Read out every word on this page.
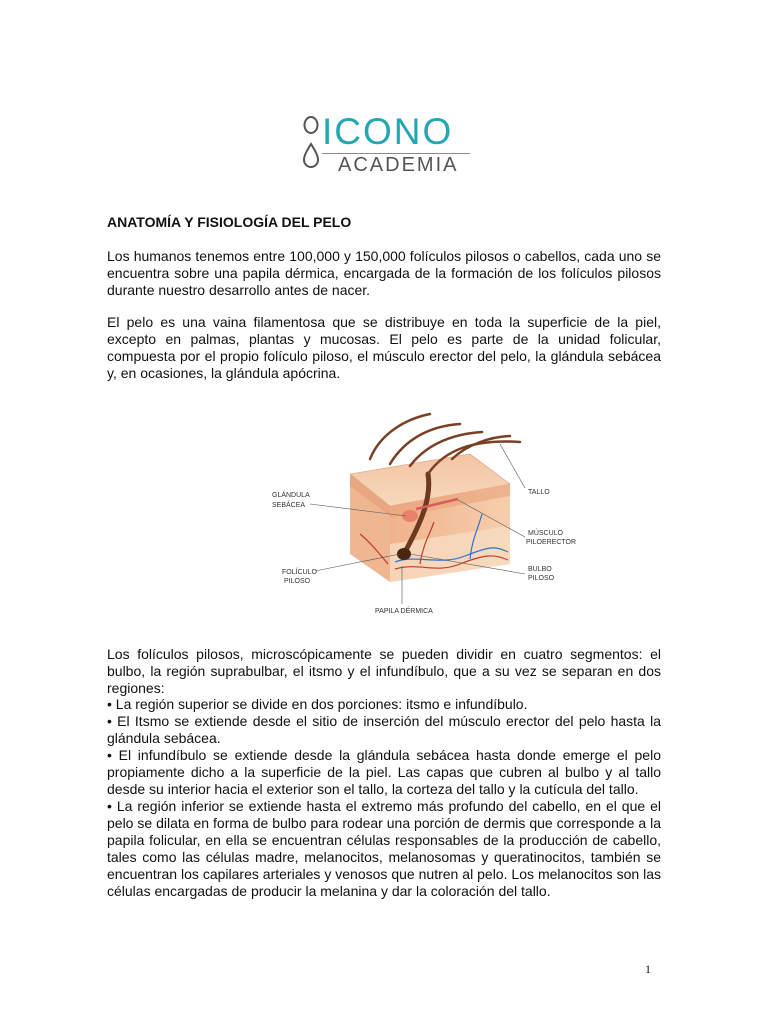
ICONO
ACADEMIA
ANATOMÍA Y FISIOLOGÍA DEL PELO

Los humanos tenemos entre 100,000 y 150,000 folículos pilosos o cabellos, cada uno se encuentra sobre una papila dérmica, encargada de la formación de los folículos pilosos durante nuestro desarrollo antes de nacer.

El pelo es una vaina filamentosa que se distribuye en toda la superficie de la piel, excepto en palmas, plantas y mucosas. El pelo es parte de la unidad folicular, compuesta por el propio folículo piloso, el músculo erector del pelo, la glándula sebácea y, en ocasiones, la glándula apócrina.

GLÁNDULA
SEBÁCEA
TALLO
MÚSCULO
PILOERECTOR
BULBO
PILOSO
FOLÍCULO
PILOSO
PAPILA DÉRMICA

Los folículos pilosos, microscópicamente se pueden dividir en cuatro segmentos: el bulbo, la región suprabulbar, el itsmo y el infundíbulo, que a su vez se separan en dos regiones:

• La región superior se divide en dos porciones: itsmo e infundíbulo.
• El Itsmo se extiende desde el sitio de inserción del músculo erector del pelo hasta la glándula sebácea.
• El infundíbulo se extiende desde la glándula sebácea hasta donde emerge el pelo propiamente dicho a la superficie de la piel. Las capas que cubren al bulbo y al tallo desde su interior hacia el exterior son el tallo, la corteza del tallo y la cutícula del tallo.
• La región inferior se extiende hasta el extremo más profundo del cabello, en el que el pelo se dilata en forma de bulbo para rodear una porción de dermis que corresponde a la papila folicular, en ella se encuentran células responsables de la producción de cabello, tales como las células madre, melanocitos, melanosomas y queratinocitos, también se encuentran los capilares arteriales y venosos que nutren al pelo. Los melanocitos son las células encargadas de producir la melanina y dar la coloración del tallo.
1
